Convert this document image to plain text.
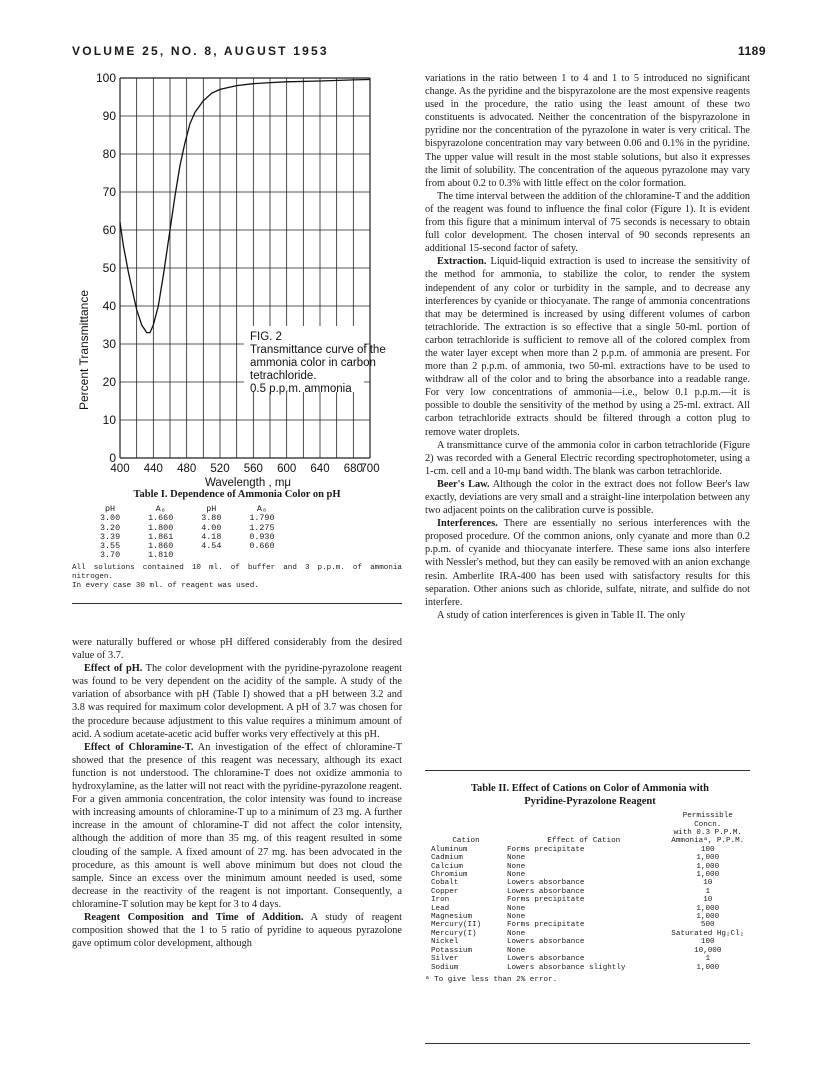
VOLUME 25, NO. 8, AUGUST 1953	1189
0
10
20
30
40
50
60
70
80
90
100
400 440 480 520 560 600 640 680
700
Percent Transmittance
Wavelength , mμ
FIG. 2
Transmittance curve of the
ammonia color in carbon
tetrachloride.
0.5 p.p.m. ammonia
Table I. Dependence of Ammonia Color on pH
pH	A₈	pH	A₈
3.00	1.660	3.80	1.790
3.20	1.800	4.00	1.275
3.39	1.861	4.18	0.930
3.55	1.860	4.54	0.660
3.70	1.810		
All solutions contained 10 ml. of buffer and 3 p.p.m. of ammonia nitrogen.
In every case 30 ml. of reagent was used.

were naturally buffered or whose pH differed considerably from the desired value of 3.7.

Effect of pH. The color development with the pyridine-pyrazolone reagent was found to be very dependent on the acidity of the sample. A study of the variation of absorbance with pH (Table I) showed that a pH between 3.2 and 3.8 was required for maximum color development. A pH of 3.7 was chosen for the procedure because adjustment to this value requires a minimum amount of acid. A sodium acetate-acetic acid buffer works very effectively at this pH.

Effect of Chloramine-T. An investigation of the effect of chloramine-T showed that the presence of this reagent was necessary, although its exact function is not understood. The chloramine-T does not oxidize ammonia to hydroxylamine, as the latter will not react with the pyridine-pyrazolone reagent. For a given ammonia concentration, the color intensity was found to increase with increasing amounts of chloramine-T up to a minimum of 23 mg. A further increase in the amount of chloramine-T did not affect the color intensity, although the addition of more than 35 mg. of this reagent resulted in some clouding of the sample. A fixed amount of 27 mg. has been advocated in the procedure, as this amount is well above minimum but does not cloud the sample. Since an excess over the minimum amount needed is used, some decrease in the reactivity of the reagent is not important. Consequently, a chloramine-T solution may be kept for 3 to 4 days.

Reagent Composition and Time of Addition. A study of reagent composition showed that the 1 to 5 ratio of pyridine to aqueous pyrazolone gave optimum color development, although

variations in the ratio between 1 to 4 and 1 to 5 introduced no significant change. As the pyridine and the bispyrazolone are the most expensive reagents used in the procedure, the ratio using the least amount of these two constituents is advocated. Neither the concentration of the bispyrazolone in pyridine nor the concentration of the pyrazolone in water is very critical. The bispyrazolone concentration may vary between 0.06 and 0.1% in the pyridine. The upper value will result in the most stable solutions, but also it expresses the limit of solubility. The concentration of the aqueous pyrazolone may vary from about 0.2 to 0.3% with little effect on the color formation.

The time interval between the addition of the chloramine-T and the addition of the reagent was found to influence the final color (Figure 1). It is evident from this figure that a minimum interval of 75 seconds is necessary to obtain full color development. The chosen interval of 90 seconds represents an additional 15-second factor of safety.

Extraction. Liquid-liquid extraction is used to increase the sensitivity of the method for ammonia, to stabilize the color, to render the system independent of any color or turbidity in the sample, and to decrease any interferences by cyanide or thiocyanate. The range of ammonia concentrations that may be determined is increased by using different volumes of carbon tetrachloride. The extraction is so effective that a single 50-ml. portion of carbon tetrachloride is sufficient to remove all of the colored complex from the water layer except when more than 2 p.p.m. of ammonia are present. For more than 2 p.p.m. of ammonia, two 50-ml. extractions have to be used to withdraw all of the color and to bring the absorbance into a readable range. For very low concentrations of ammonia—i.e., below 0.1 p.p.m.—it is possible to double the sensitivity of the method by using a 25-ml. extract. All carbon tetrachloride extracts should be filtered through a cotton plug to remove water droplets.

A transmittance curve of the ammonia color in carbon tetrachloride (Figure 2) was recorded with a General Electric recording spectrophotometer, using a 1-cm. cell and a 10-mμ band width. The blank was carbon tetrachloride.

Beer's Law. Although the color in the extract does not follow Beer's law exactly, deviations are very small and a straight-line interpolation between any two adjacent points on the calibration curve is possible.

Interferences. There are essentially no serious interferences with the proposed procedure. Of the common anions, only cyanate and more than 0.2 p.p.m. of cyanide and thiocyanate interfere. These same ions also interfere with Nessler's method, but they can easily be removed with an anion exchange resin. Amberlite IRA-400 has been used with satisfactory results for this separation. Other anions such as chloride, sulfate, nitrate, and sulfide do not interfere.

A study of cation interferences is given in Table II. The only

Table II. Effect of Cations on Color of Ammonia with
Pyridine-Pyrazolone Reagent
		Permissible
		Concn.
		with 0.3 P.P.M.
Cation	Effect of Cation	Ammoniaᵃ, P.P.M.
Aluminum	Forms precipitate	100
Cadmium	None	1,000
Calcium	None	1,000
Chromium	None	1,000
Cobalt	Lowers absorbance	10
Copper	Lowers absorbance	1
Iron	Forms precipitate	10
Lead	None	1,000
Magnesium	None	1,000
Mercury(II)	Forms precipitate	500
Mercury(I)	None	Saturated Hg₂Cl₂
Nickel	Lowers absorbance	100
Potassium	None	10,000
Silver	Lowers absorbance	1
Sodium	Lowers absorbance slightly	1,000
ᵃ To give less than 2% error.
